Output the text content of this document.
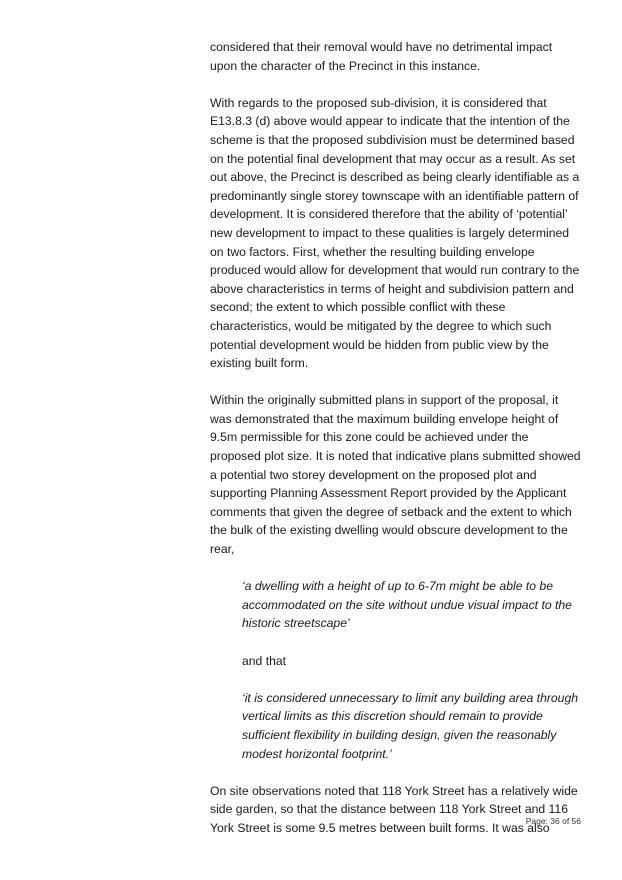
considered that their removal would have no detrimental impact upon the character of the Precinct in this instance.

With regards to the proposed sub-division, it is considered that E13.8.3 (d) above would appear to indicate that the intention of the scheme is that the proposed subdivision must be determined based on the potential final development that may occur as a result. As set out above, the Precinct is described as being clearly identifiable as a predominantly single storey townscape with an identifiable pattern of development. It is considered therefore that the ability of ‘potential’ new development to impact to these qualities is largely determined on two factors. First, whether the resulting building envelope produced would allow for development that would run contrary to the above characteristics in terms of height and subdivision pattern and second; the extent to which possible conflict with these characteristics, would be mitigated by the degree to which such potential development would be hidden from public view by the existing built form.

Within the originally submitted plans in support of the proposal, it was demonstrated that the maximum building envelope height of 9.5m permissible for this zone could be achieved under the proposed plot size. It is noted that indicative plans submitted showed a potential two storey development on the proposed plot and supporting Planning Assessment Report provided by the Applicant comments that given the degree of setback and the extent to which the bulk of the existing dwelling would obscure development to the rear,

‘a dwelling with a height of up to 6-7m might be able to be accommodated on the site without undue visual impact to the historic streetscape’

and that

‘it is considered unnecessary to limit any building area through vertical limits as this discretion should remain to provide sufficient flexibility in building design, given the reasonably modest horizontal footprint.’

On site observations noted that 118 York Street has a relatively wide side garden, so that the distance between 118 York Street and 116 York Street is some 9.5 metres between built forms. It was also

Page: 36 of 56
